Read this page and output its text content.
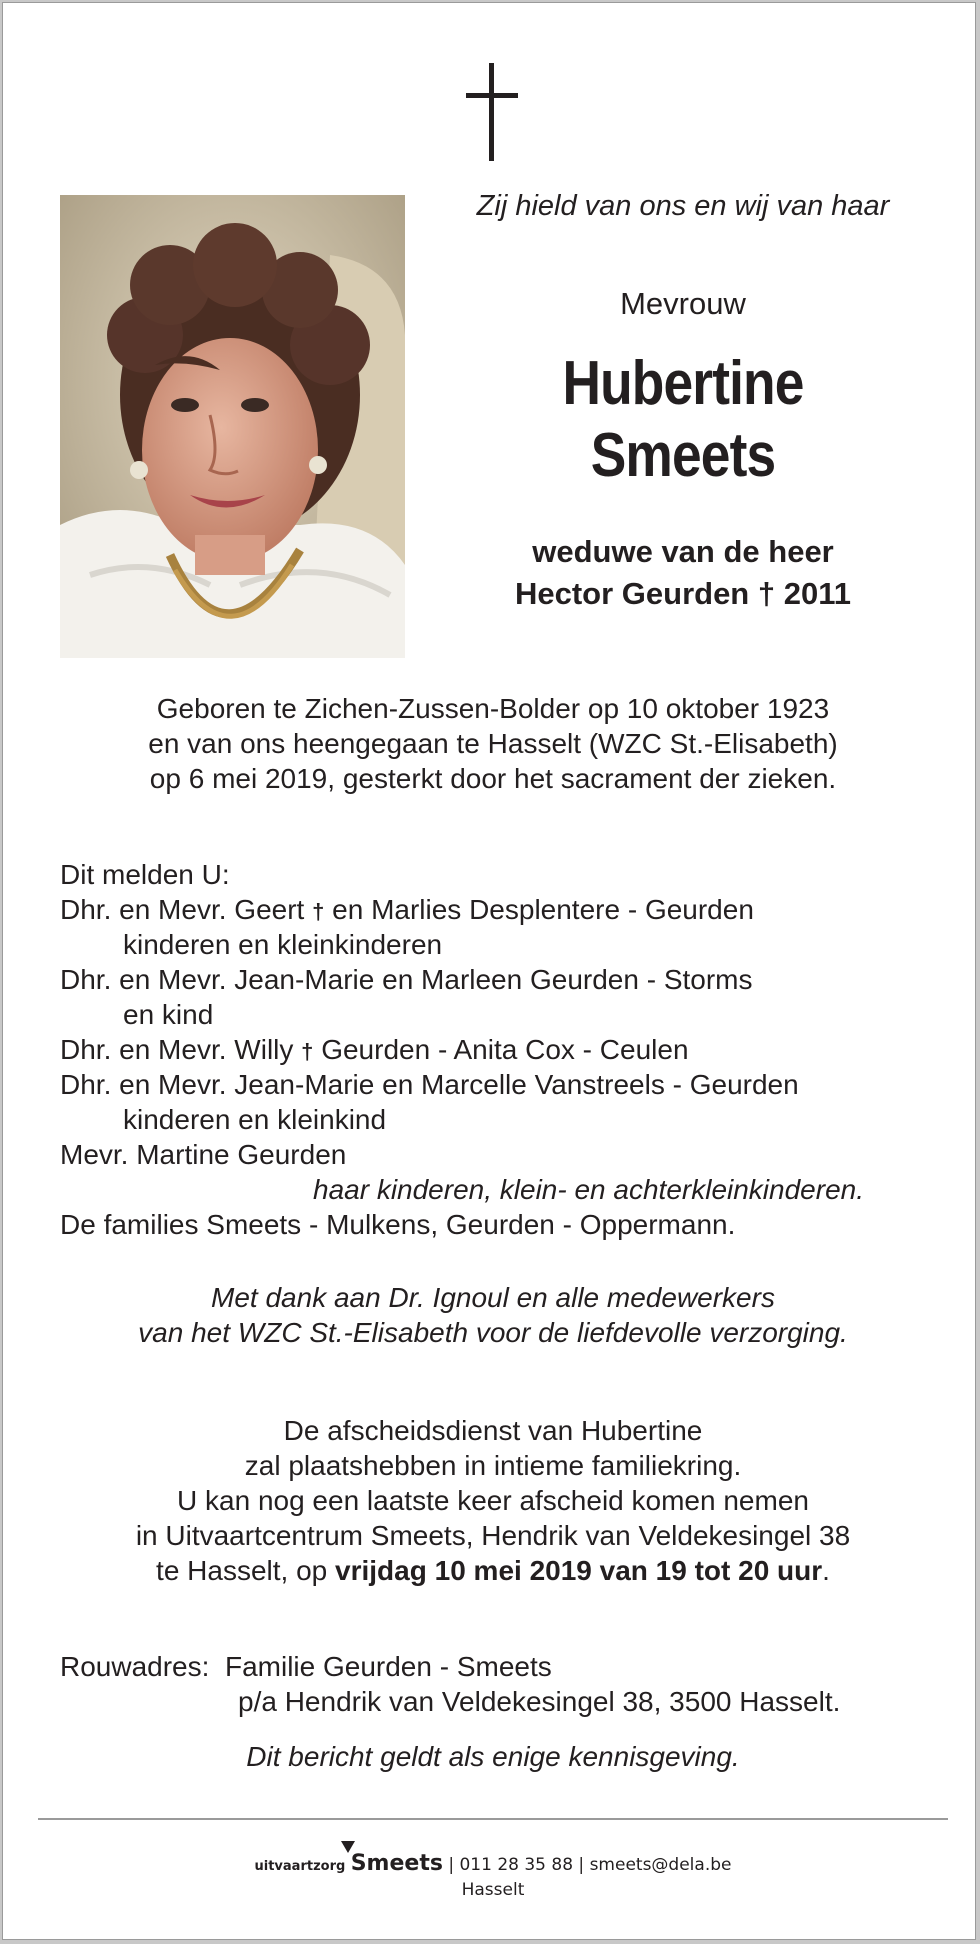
Zij hield van ons en wij van haar
Mevrouw
Hubertine
Smeets
weduwe van de heer
Hector Geurden † 2011
Geboren te Zichen-Zussen-Bolder op 10 oktober 1923
en van ons heengegaan te Hasselt (WZC St.-Elisabeth)
op 6 mei 2019, gesterkt door het sacrament der zieken.
Dit melden U:
Dhr. en Mevr. Geert † en Marlies Desplentere - Geurden
kinderen en kleinkinderen
Dhr. en Mevr. Jean-Marie en Marleen Geurden - Storms
en kind
Dhr. en Mevr. Willy † Geurden - Anita Cox - Ceulen
Dhr. en Mevr. Jean-Marie en Marcelle Vanstreels - Geurden
kinderen en kleinkind
Mevr. Martine Geurden
haar kinderen, klein- en achterkleinkinderen.
De families Smeets - Mulkens, Geurden - Oppermann.
Met dank aan Dr. Ignoul en alle medewerkers
van het WZC St.-Elisabeth voor de liefdevolle verzorging.
De afscheidsdienst van Hubertine
zal plaatshebben in intieme familiekring.
U kan nog een laatste keer afscheid komen nemen
in Uitvaartcentrum Smeets, Hendrik van Veldekesingel 38
te Hasselt, op vrijdag 10 mei 2019 van 19 tot 20 uur.
Rouwadres: Familie Geurden - Smeets
p/a Hendrik van Veldekesingel 38, 3500 Hasselt.
Dit bericht geldt als enige kennisgeving.
uitvaartzorg Smeets | 011 28 35 88 | smeets@dela.be
Hasselt
